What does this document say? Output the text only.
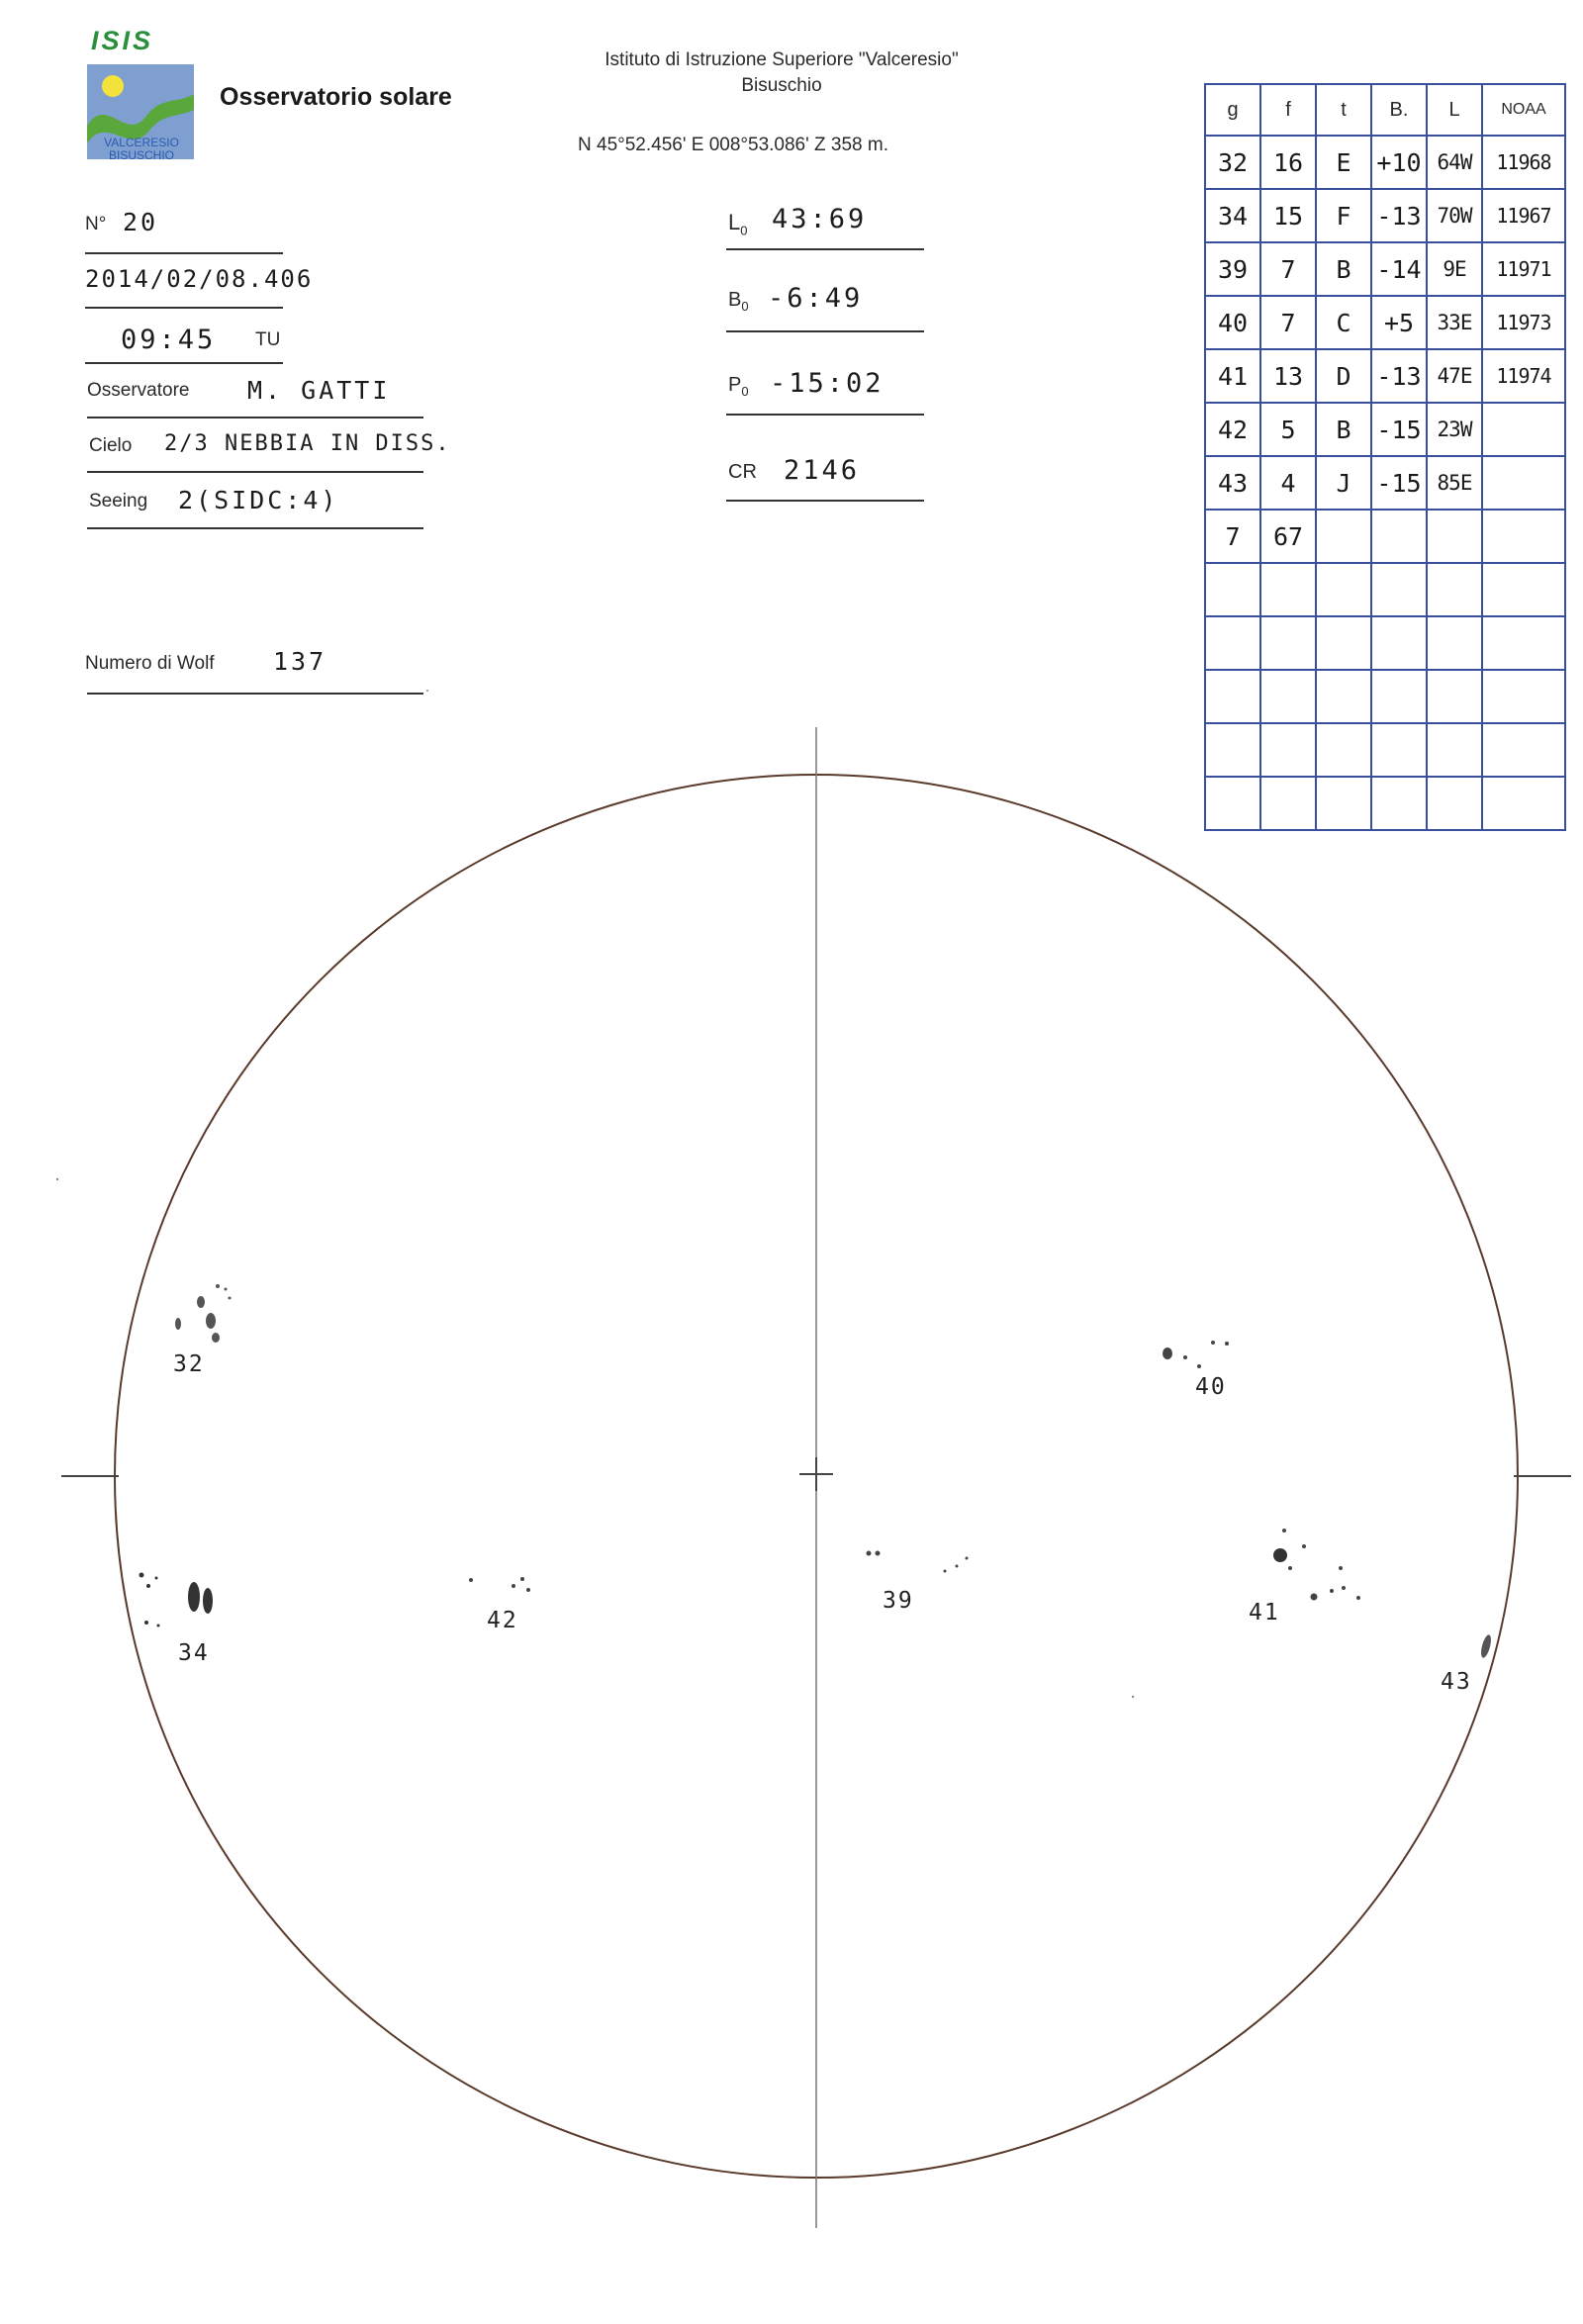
ISIS
VALCERESIO
BISUSCHIO
Osservatorio solare
Istituto di Istruzione Superiore "Valceresio"
Bisuschio
N 45°52.456' E 008°53.086' Z 358 m.
N° 20
2014/02/08.406
09:45 TU
Osservatore M. GATTI
Cielo 2/3 NEBBIA IN DISS.
Seeing 2(SIDC:4)
Numero di Wolf 137
$L_0$ 43:69
$B_0$ -6:49
$P_0$ -15:02
CR 2146
g	f	t	B.	L	NOAA
32	16	E	+10	64W	11968
34	15	F	-13	70W	11967
39	7	B	-14	9E	11971
40	7	C	+5	33E	11973
41	13	D	-13	47E	11974
42	5	B	-15	23W	
43	4	J	-15	85E	
7	67				

32
34
42
39
40
41
43
